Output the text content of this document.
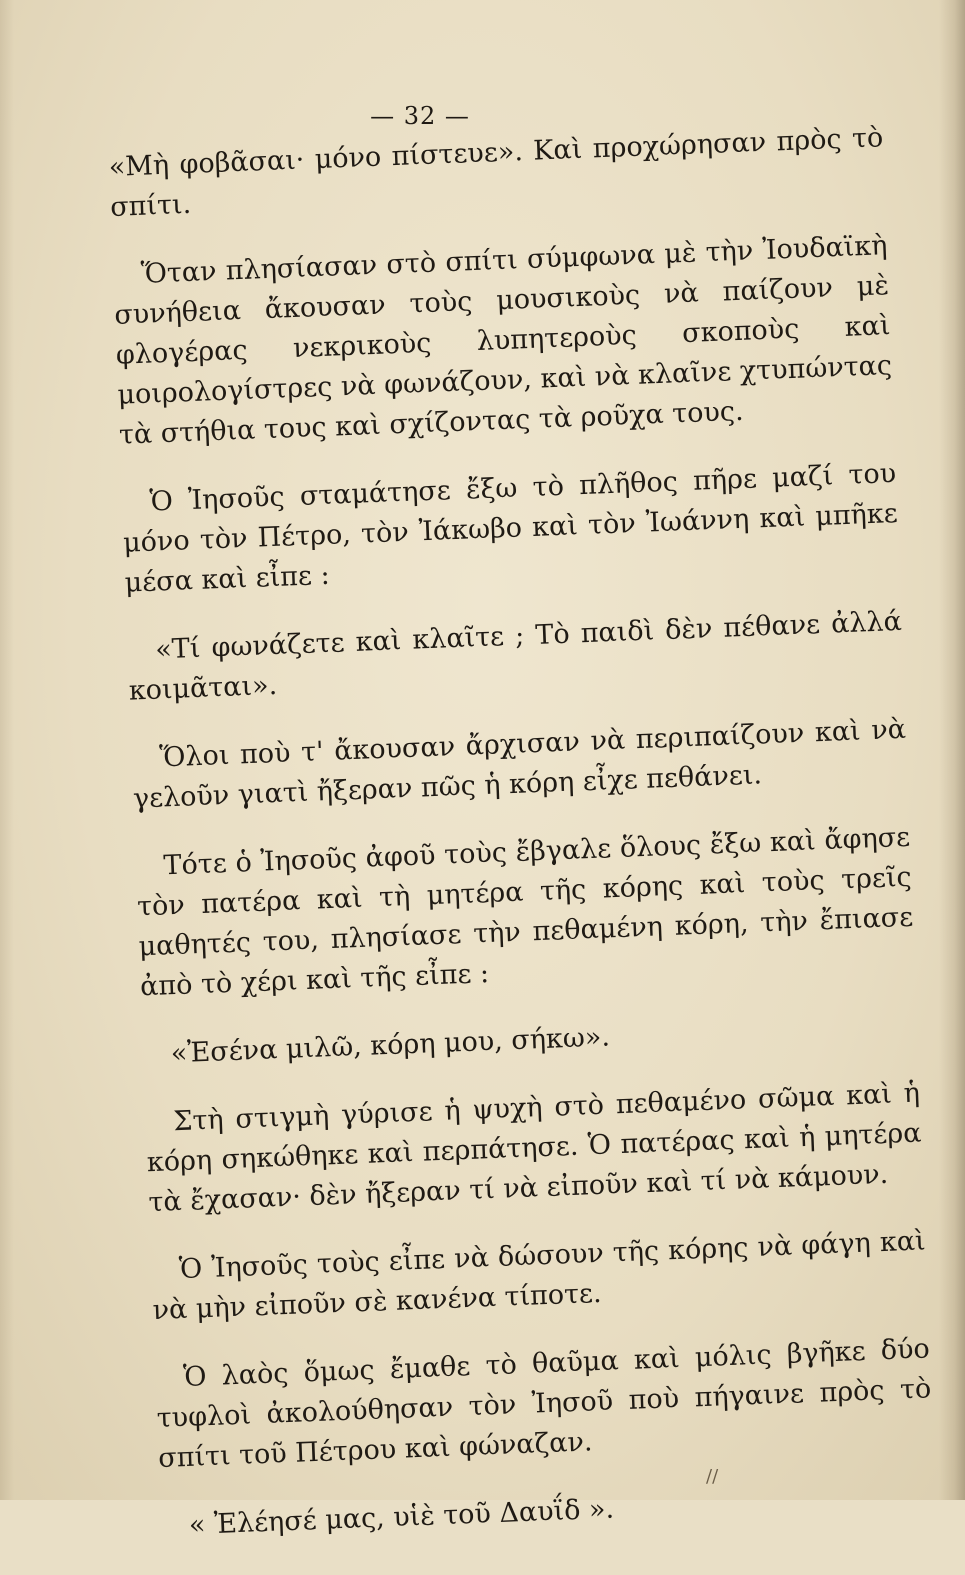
— 32 —

«Μὴ φοβᾶσαι· μόνο πίστευε». Καὶ προχώρησαν πρὸς τὸ σπίτι.

Ὅταν πλησίασαν στὸ σπίτι σύμφωνα μὲ τὴν Ἰουδαϊκὴ συνήθεια ἄκουσαν τοὺς μουσικοὺς νὰ παίζουν μὲ φλογέρας νεκρικοὺς λυπητεροὺς σκοποὺς καὶ μοιρολογίστρες νὰ φωνάζουν, καὶ νὰ κλαῖνε χτυπώντας τὰ στήθια τους καὶ σχίζοντας τὰ ροῦχα τους.

Ὁ Ἰησοῦς σταμάτησε ἔξω τὸ πλῆθος πῆρε μαζί του μόνο τὸν Πέτρο, τὸν Ἰάκωβο καὶ τὸν Ἰωάννη καὶ μπῆκε μέσα καὶ εἶπε :

«Τί φωνάζετε καὶ κλαῖτε ; Τὸ παιδὶ δὲν πέθανε ἀλλά κοιμᾶται».

Ὅλοι ποὺ τ' ἄκουσαν ἄρχισαν νὰ περιπαίζουν καὶ νὰ γελοῦν γιατὶ ἤξεραν πῶς ἡ κόρη εἶχε πεθάνει.

Τότε ὁ Ἰησοῦς ἀφοῦ τοὺς ἔβγαλε ὅλους ἔξω καὶ ἄφησε τὸν πατέρα καὶ τὴ μητέρα τῆς κόρης καὶ τοὺς τρεῖς μαθητές του, πλησίασε τὴν πεθαμένη κόρη, τὴν ἔπιασε ἀπὸ τὸ χέρι καὶ τῆς εἶπε :

«Ἐσένα μιλῶ, κόρη μου, σήκω».

Στὴ στιγμὴ γύρισε ἡ ψυχὴ στὸ πεθαμένο σῶμα καὶ ἡ κόρη σηκώθηκε καὶ περπάτησε. Ὁ πατέρας καὶ ἡ μητέρα τὰ ἔχασαν· δὲν ἤξεραν τί νὰ εἰποῦν καὶ τί νὰ κάμουν.

Ὁ Ἰησοῦς τοὺς εἶπε νὰ δώσουν τῆς κόρης νὰ φάγη καὶ νὰ μὴν εἰποῦν σὲ κανένα τίποτε.

Ὁ λαὸς ὅμως ἔμαθε τὸ θαῦμα καὶ μόλις βγῆκε δύο τυφλοὶ ἀκολούθησαν τὸν Ἰησοῦ ποὺ πήγαινε πρὸς τὸ σπίτι τοῦ Πέτρου καὶ φώναζαν.

« Ἐλέησέ μας, υἱὲ τοῦ Δαυΐδ ».

//
